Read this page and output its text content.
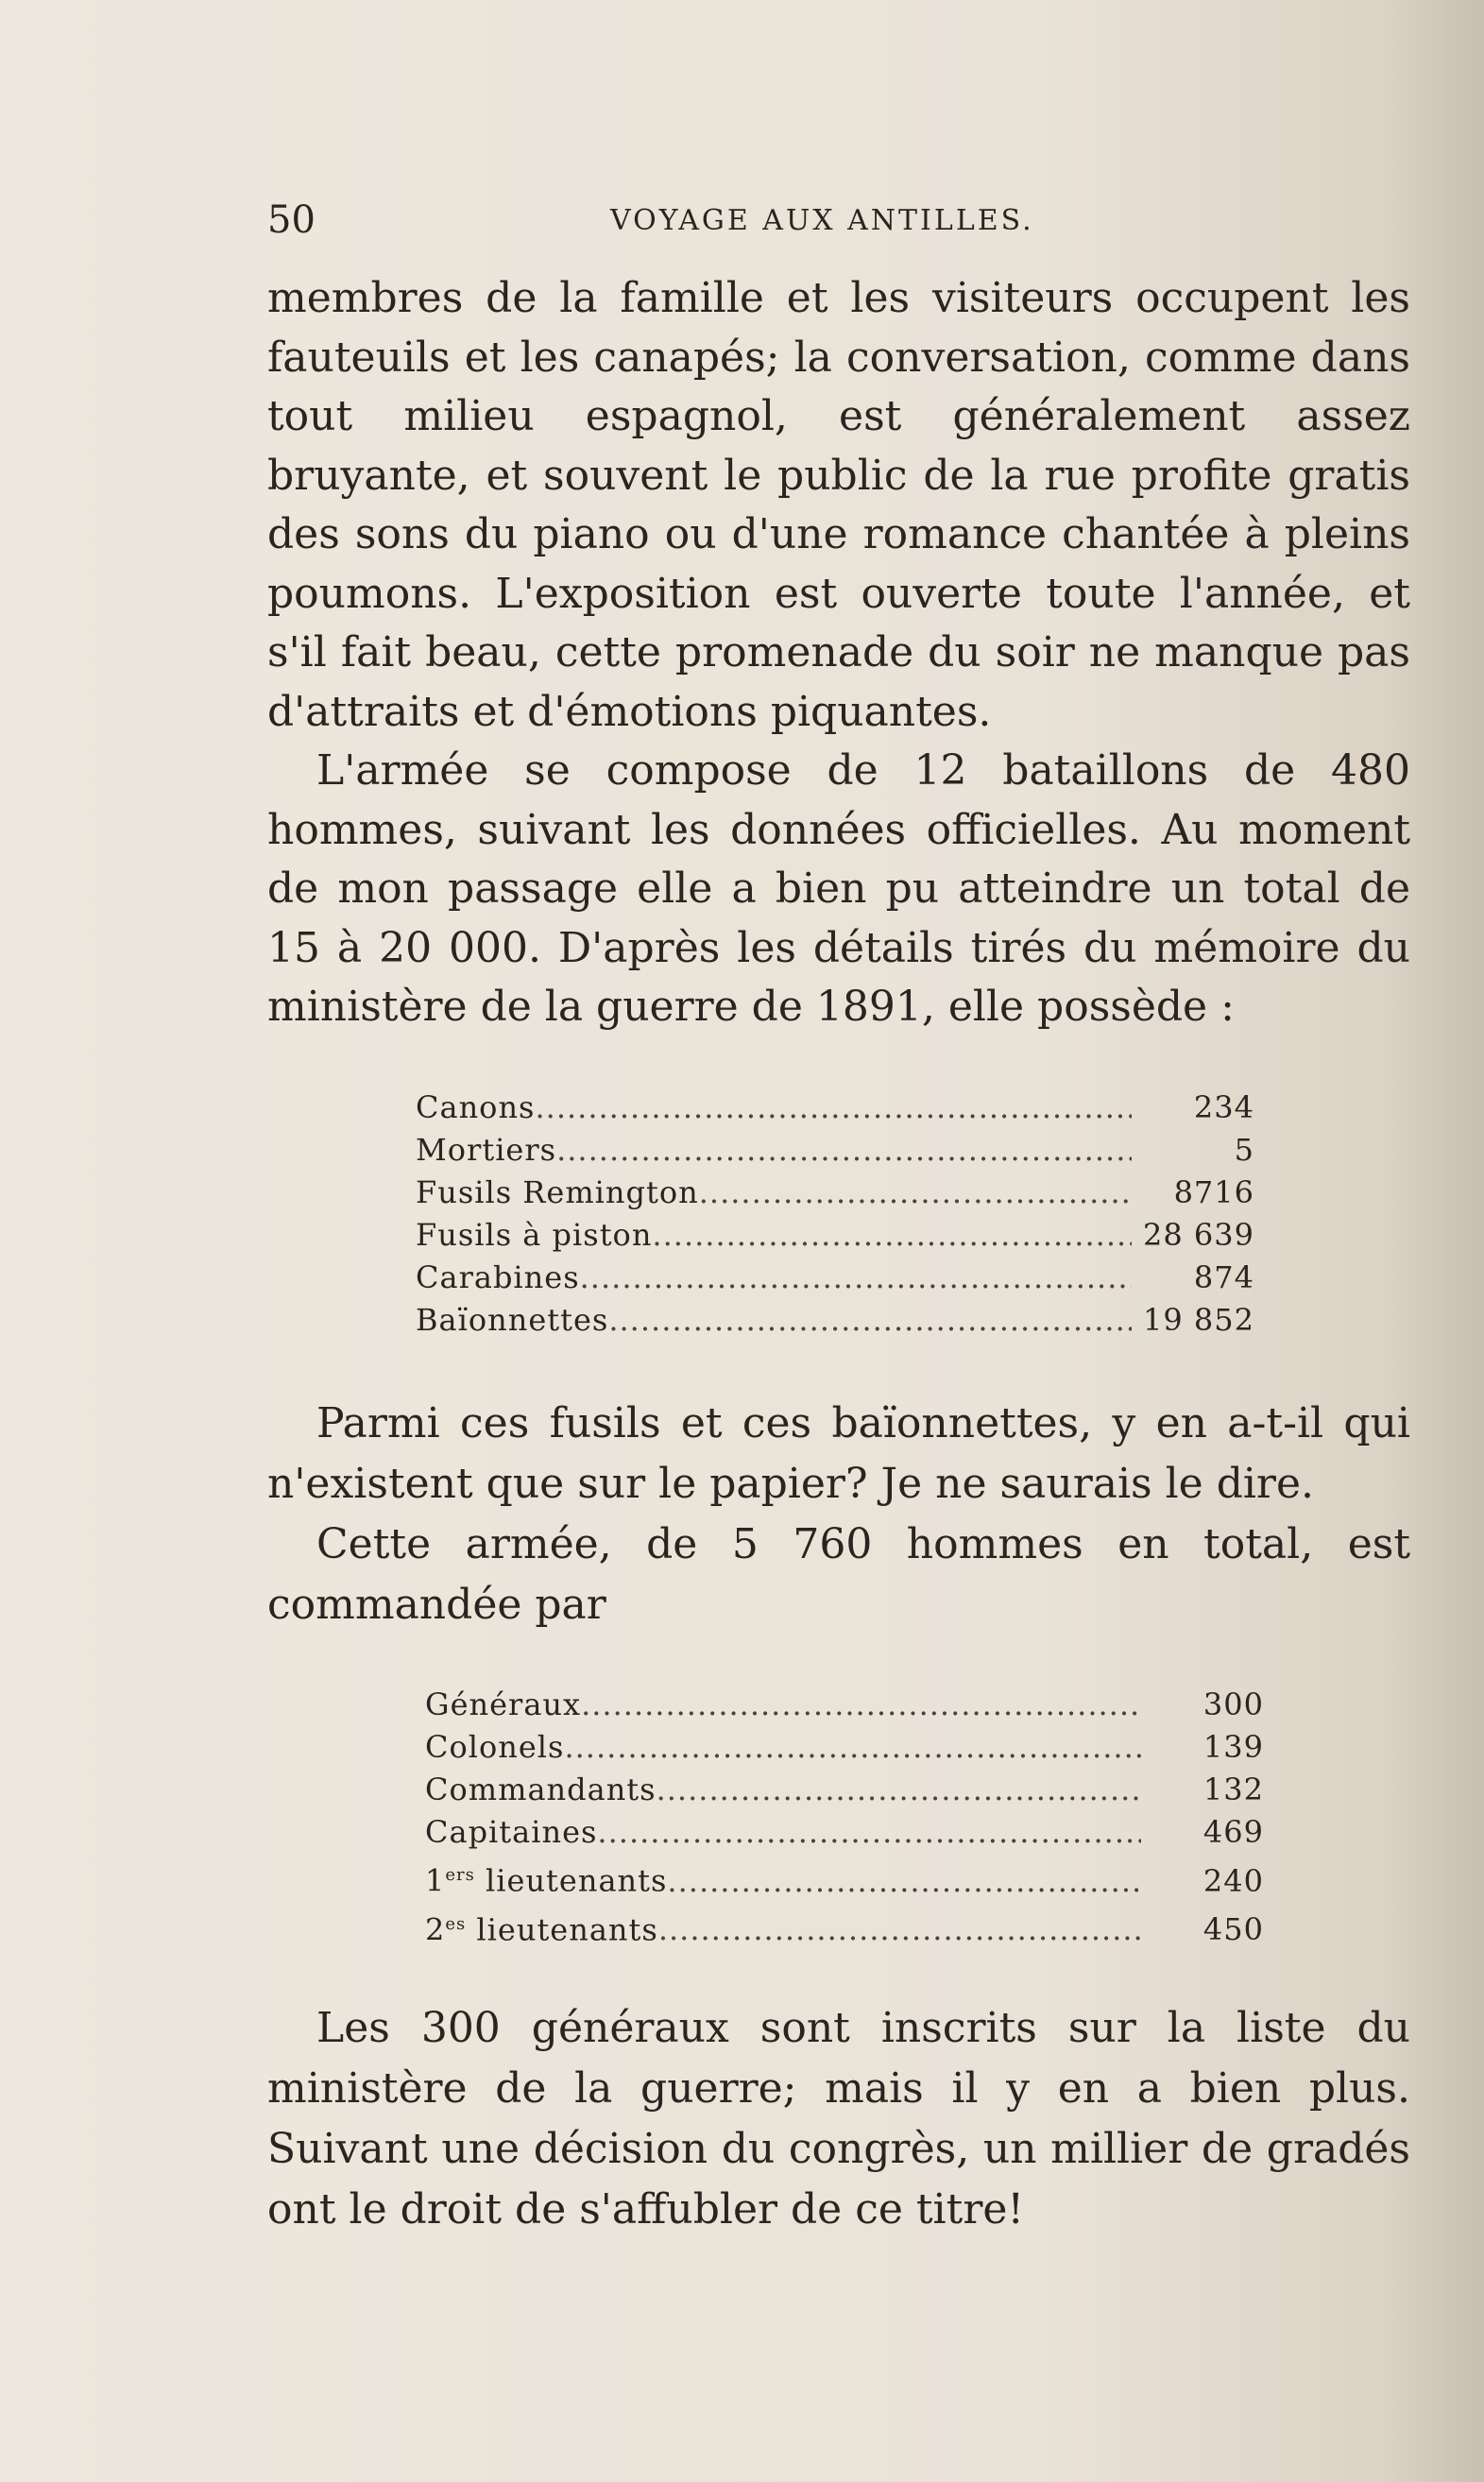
50	VOYAGE AUX ANTILLES.

membres de la famille et les visiteurs occupent les fauteuils et les canapés; la conversation, comme dans tout milieu espagnol, est généralement assez bruyante, et souvent le public de la rue profite gratis des sons du piano ou d'une romance chantée à pleins poumons. L'exposition est ouverte toute l'année, et s'il fait beau, cette promenade du soir ne manque pas d'attraits et d'émotions piquantes.

L'armée se compose de 12 bataillons de 480 hommes, suivant les données officielles. Au moment de mon passage elle a bien pu atteindre un total de 15 à 20 000. D'après les détails tirés du mémoire du ministère de la guerre de 1891, elle possède :

Canons .....	234
Mortiers .....	5
Fusils Remington .....	8716
Fusils à piston .....	28 639
Carabines .....	874
Baïonnettes .....	19 852

Parmi ces fusils et ces baïonnettes, y en a-t-il qui n'existent que sur le papier? Je ne saurais le dire.

Cette armée, de 5 760 hommes en total, est commandée par

Généraux .....	300
Colonels .....	139
Commandants .....	132
Capitaines .....	469
1ers lieutenants .....	240
$2^{es}$ lieutenants .....	450

Les 300 généraux sont inscrits sur la liste du ministère de la guerre; mais il y en a bien plus. Suivant une décision du congrès, un millier de gradés ont le droit de s'affubler de ce titre!
